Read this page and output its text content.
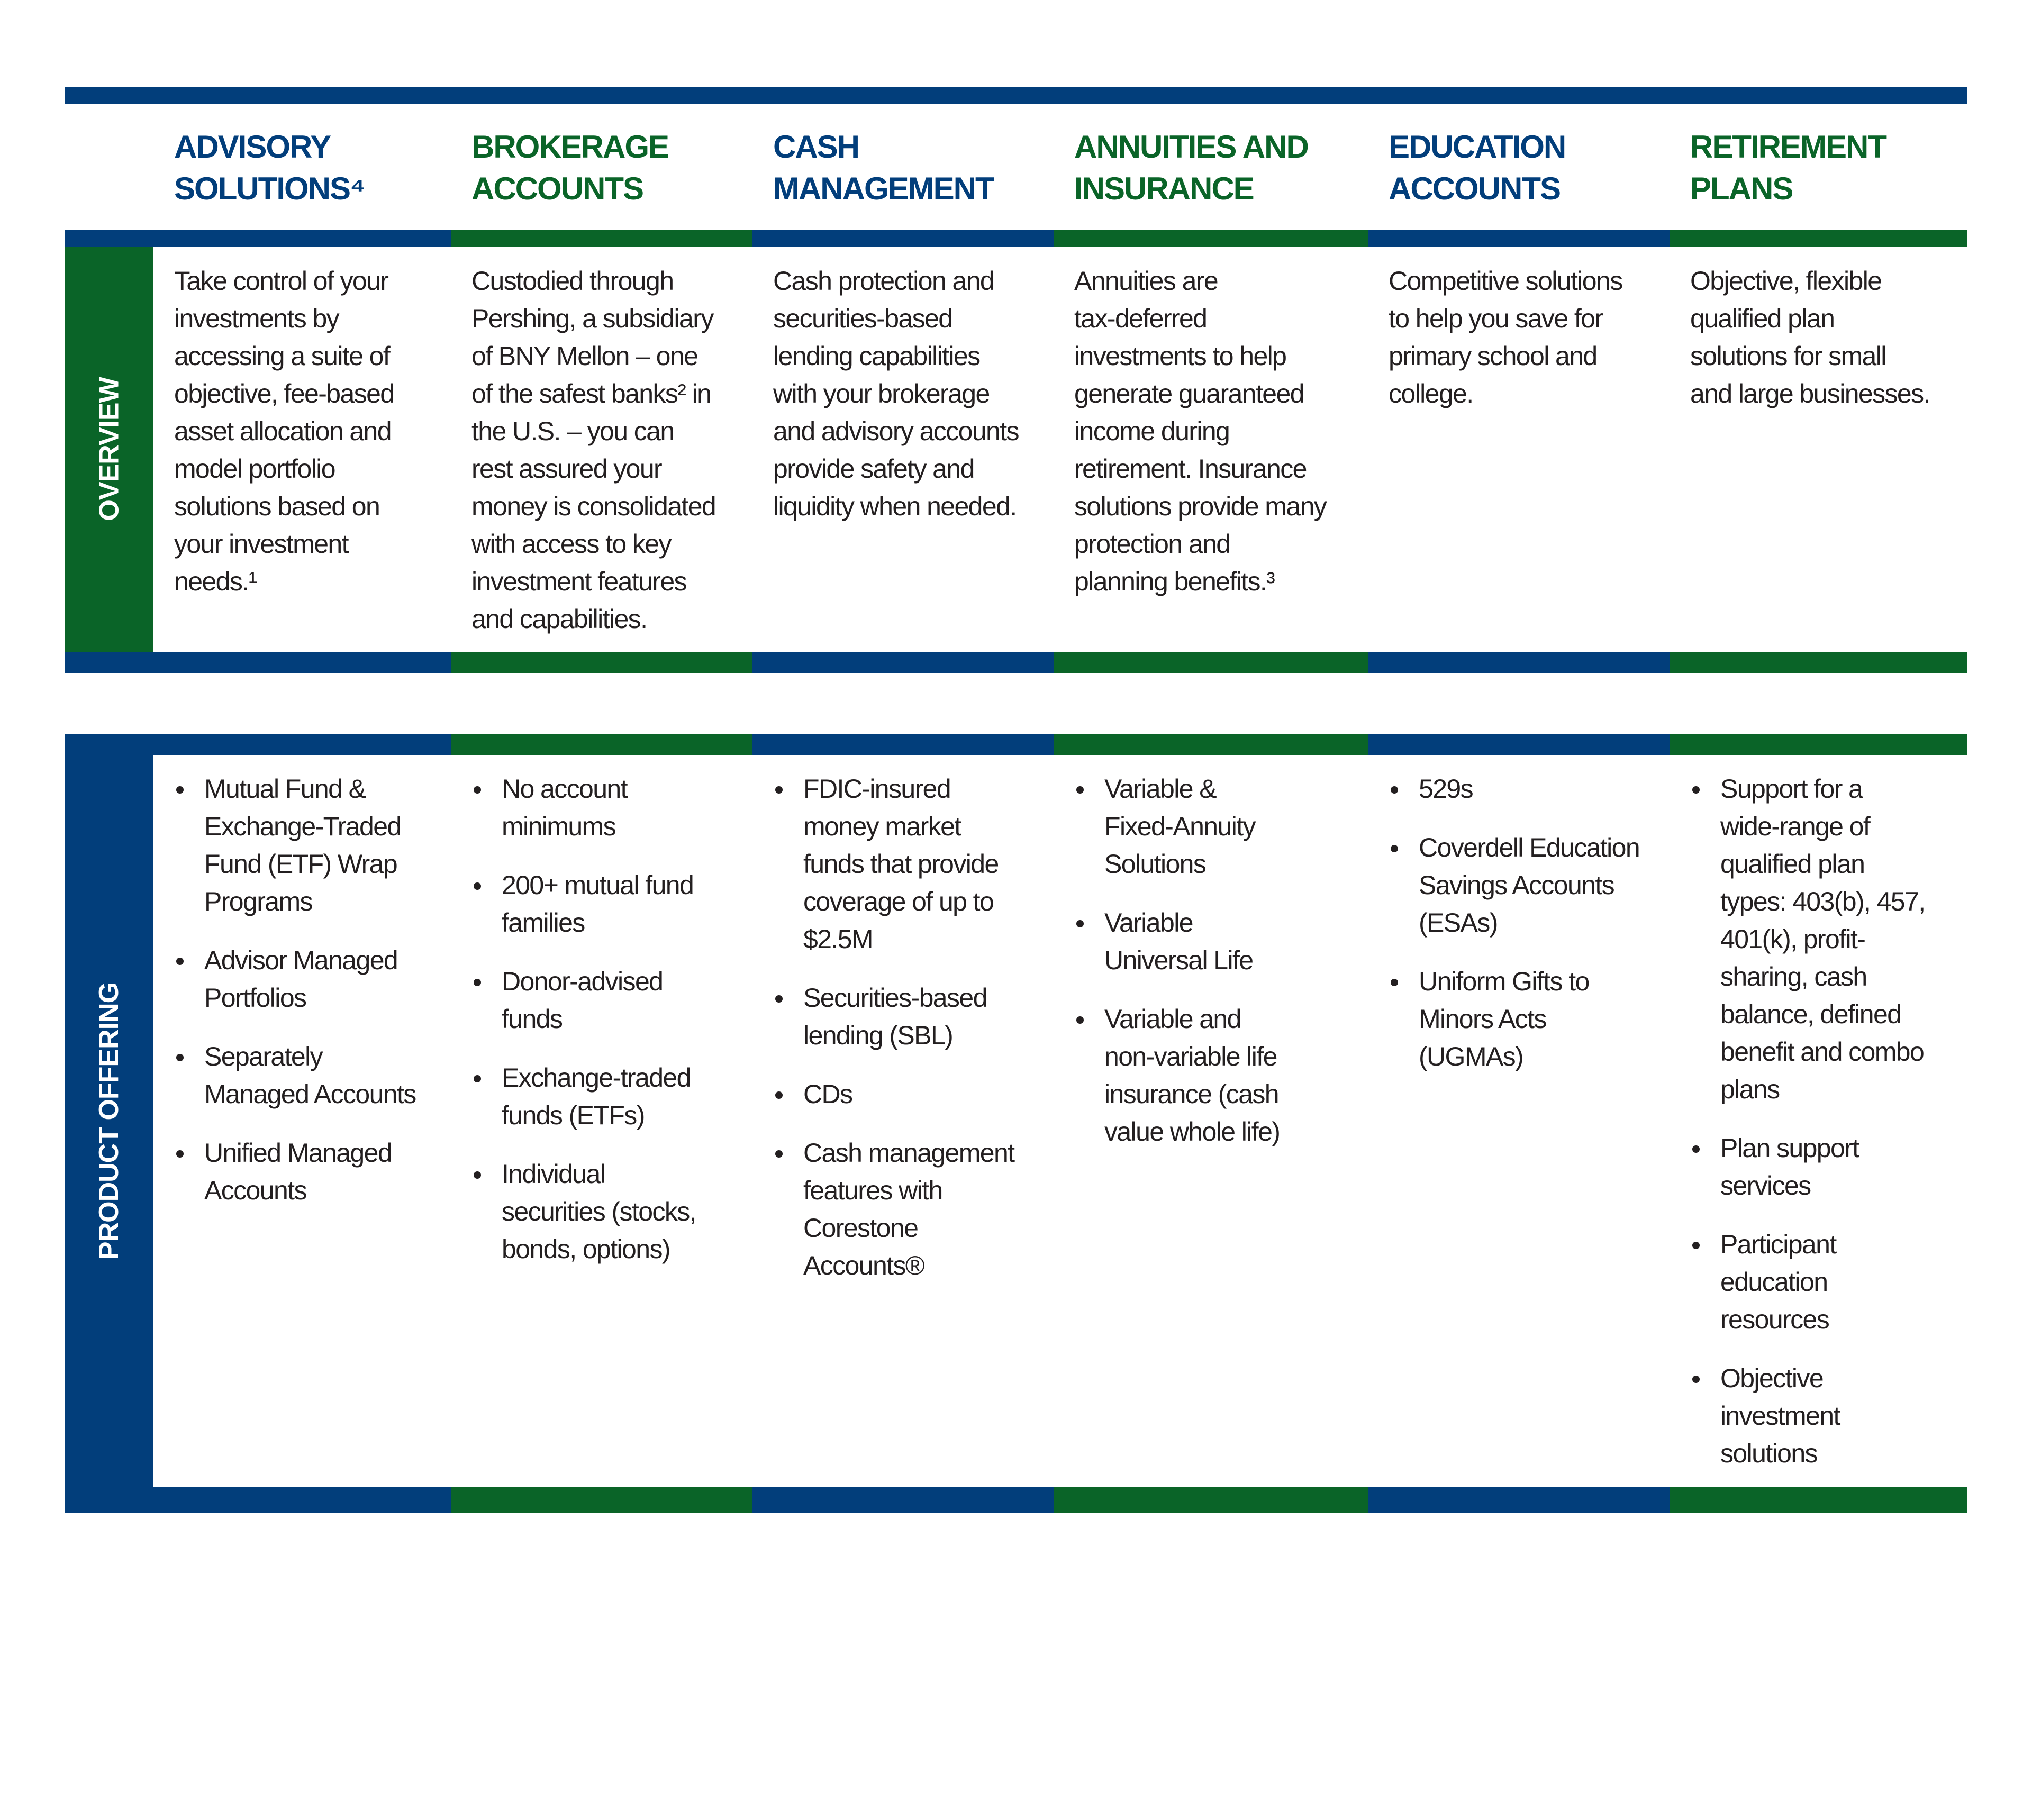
ADVISORY
SOLUTIONS⁴
BROKERAGE
ACCOUNTS
CASH
MANAGEMENT
ANNUITIES AND
INSURANCE
EDUCATION
ACCOUNTS
RETIREMENT
PLANS
OVERVIEW
Take control of your
investments by
accessing a suite of
objective, fee-based
asset allocation and
model portfolio
solutions based on
your investment
needs.¹
Custodied through
Pershing, a subsidiary
of BNY Mellon – one
of the safest banks² in
the U.S. – you can
rest assured your
money is consolidated
with access to key
investment features
and capabilities.
Cash protection and
securities-based
lending capabilities
with your brokerage
and advisory accounts
provide safety and
liquidity when needed.
Annuities are
tax-deferred
investments to help
generate guaranteed
income during
retirement. Insurance
solutions provide many
protection and
planning benefits.³
Competitive solutions
to help you save for
primary school and
college.
Objective, flexible
qualified plan
solutions for small
and large businesses.
PRODUCT OFFERING
Mutual Fund &
Exchange-Traded
Fund (ETF) Wrap
Programs
Advisor Managed
Portfolios
Separately
Managed Accounts
Unified Managed
Accounts
No account
minimums
200+ mutual fund
families
Donor-advised
funds
Exchange-traded
funds (ETFs)
Individual
securities (stocks,
bonds, options)
FDIC-insured
money market
funds that provide
coverage of up to
$2.5M
Securities-based
lending (SBL)
CDs
Cash management
features with
Corestone
Accounts®
Variable &
Fixed-Annuity
Solutions
Variable
Universal Life
Variable and
non-variable life
insurance (cash
value whole life)
529s
Coverdell Education
Savings Accounts
(ESAs)
Uniform Gifts to
Minors Acts
(UGMAs)
Support for a
wide-range of
qualified plan
types: 403(b), 457,
401(k), profit-
sharing, cash
balance, defined
benefit and combo
plans
Plan support
services
Participant
education
resources
Objective
investment
solutions
